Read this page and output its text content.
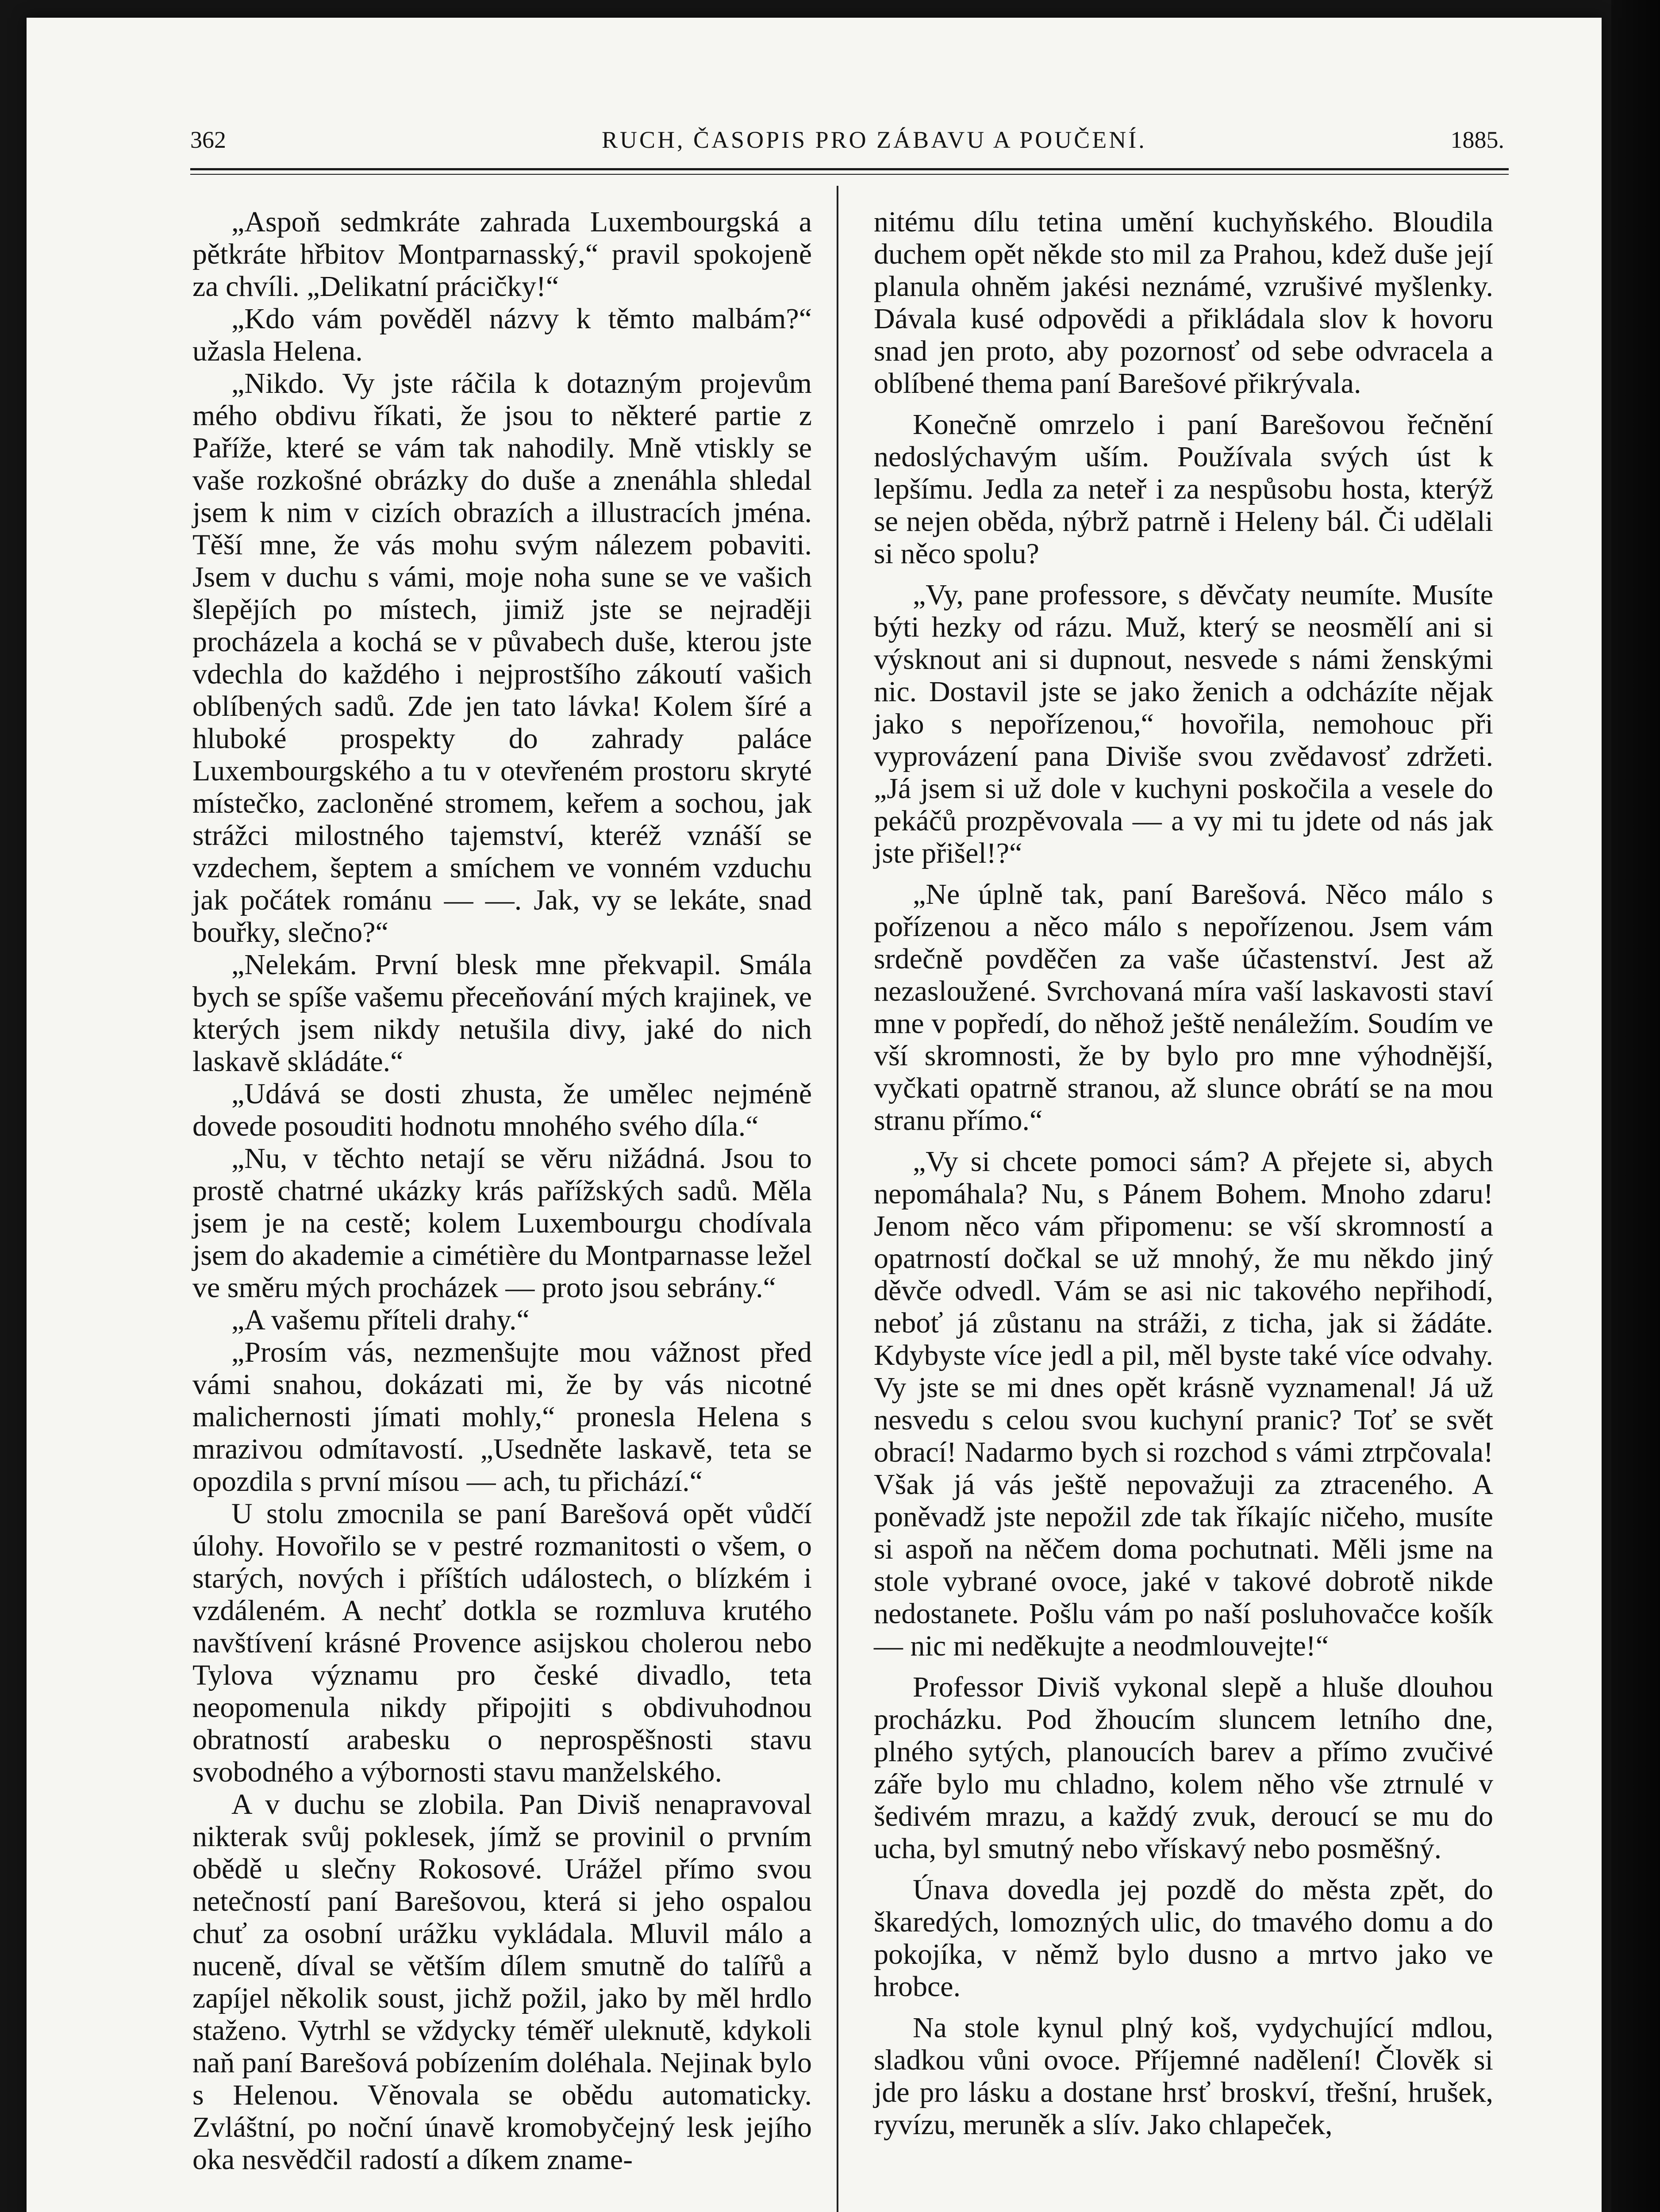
362	RUCH, ČASOPIS PRO ZÁBAVU A POUČENÍ.	1885.

„Aspoň sedmkráte zahrada Luxembourgská a pětkráte hřbitov Montparnasský,“ pravil spokojeně za chvíli. „Delikatní prácičky!“

„Kdo vám pověděl názvy k těmto malbám?“ užasla Helena.

„Nikdo. Vy jste ráčila k dotazným projevům mého obdivu říkati, že jsou to některé partie z Paříže, které se vám tak nahodily. Mně vtiskly se vaše rozkošné obrázky do duše a znenáhla shledal jsem k nim v cizích obrazích a illustracích jména. Těší mne, že vás mohu svým nálezem pobaviti. Jsem v duchu s vámi, moje noha sune se ve vašich šlepějích po místech, jimiž jste se nejraději procházela a kochá se v půvabech duše, kterou jste vdechla do každého i nejprostšího zákoutí vašich oblíbených sadů. Zde jen tato lávka! Kolem šíré a hluboké prospekty do zahrady paláce Luxembourgského a tu v otevřeném prostoru skryté místečko, zacloněné stromem, keřem a sochou, jak strážci milostného tajemství, kteréž vznáší se vzdechem, šeptem a smíchem ve vonném vzduchu jak počátek románu — —. Jak, vy se lekáte, snad bouřky, slečno?“

„Nelekám. První blesk mne překvapil. Smála bych se spíše vašemu přeceňování mých krajinek, ve kterých jsem nikdy netušila divy, jaké do nich laskavě skládáte.“

„Udává se dosti zhusta, že umělec nejméně dovede posouditi hodnotu mnohého svého díla.“

„Nu, v těchto netají se věru nižádná. Jsou to prostě chatrné ukázky krás pařížských sadů. Měla jsem je na cestě; kolem Luxembourgu chodívala jsem do akademie a cimétière du Montparnasse ležel ve směru mých procházek — proto jsou sebrány.“

„A vašemu příteli drahy.“

„Prosím vás, nezmenšujte mou vážnost před vámi snahou, dokázati mi, že by vás nicotné malichernosti jímati mohly,“ pronesla Helena s mrazivou odmítavostí. „Usedněte laskavě, teta se opozdila s první mísou — ach, tu přichází.“

U stolu zmocnila se paní Barešová opět vůdčí úlohy. Hovořilo se v pestré rozmanitosti o všem, o starých, nových i příštích událostech, o blízkém i vzdáleném. A nechť dotkla se rozmluva krutého navštívení krásné Provence asijskou cholerou nebo Tylova významu pro české divadlo, teta neopomenula nikdy připojiti s obdivuhodnou obratností arabesku o neprospěšnosti stavu svobodného a výbornosti stavu manželského.

A v duchu se zlobila. Pan Diviš nenapravoval nikterak svůj poklesek, jímž se provinil o prvním obědě u slečny Rokosové. Urážel přímo svou netečností paní Barešovou, která si jeho ospalou chuť za osobní urážku vykládala. Mluvil málo a nuceně, díval se větším dílem smutně do talířů a zapíjel několik soust, jichž požil, jako by měl hrdlo staženo. Vytrhl se vždycky téměř uleknutě, kdykoli naň paní Barešová pobízením doléhala. Nejinak bylo s Helenou. Věnovala se obědu automaticky. Zvláštní, po noční únavě kromobyčejný lesk jejího oka nesvědčil radostí a díkem zname-

nitému dílu tetina umění kuchyňského. Bloudila duchem opět někde sto mil za Prahou, kdež duše její planula ohněm jakési neznámé, vzrušivé myšlenky. Dávala kusé odpovědi a přikládala slov k hovoru snad jen proto, aby pozornosť od sebe odvracela a oblíbené thema paní Barešové přikrývala.

Konečně omrzelo i paní Barešovou řečnění nedoslýchavým uším. Používala svých úst k lepšímu. Jedla za neteř i za nespůsobu hosta, kterýž se nejen oběda, nýbrž patrně i Heleny bál. Či udělali si něco spolu?

„Vy, pane professore, s děvčaty neumíte. Musíte býti hezky od rázu. Muž, který se neosmělí ani si výsknout ani si dupnout, nesvede s námi ženskými nic. Dostavil jste se jako ženich a odcházíte nějak jako s nepořízenou,“ hovořila, nemohouc při vyprovázení pana Diviše svou zvědavosť zdržeti. „Já jsem si už dole v kuchyni poskočila a vesele do pekáčů prozpěvovala — a vy mi tu jdete od nás jak jste přišel!?“

„Ne úplně tak, paní Barešová. Něco málo s pořízenou a něco málo s nepořízenou. Jsem vám srdečně povděčen za vaše účastenství. Jest až nezasloužené. Svrchovaná míra vaší laskavosti staví mne v popředí, do něhož ještě nenáležím. Soudím ve vší skromnosti, že by bylo pro mne výhodnější, vyčkati opatrně stranou, až slunce obrátí se na mou stranu přímo.“

„Vy si chcete pomoci sám? A přejete si, abych nepomáhala? Nu, s Pánem Bohem. Mnoho zdaru! Jenom něco vám připomenu: se vší skromností a opatrností dočkal se už mnohý, že mu někdo jiný děvče odvedl. Vám se asi nic takového nepřihodí, neboť já zůstanu na stráži, z ticha, jak si žádáte. Kdybyste více jedl a pil, měl byste také více odvahy. Vy jste se mi dnes opět krásně vyznamenal! Já už nesvedu s celou svou kuchyní pranic? Toť se svět obrací! Nadarmo bych si rozchod s vámi ztrpčovala! Však já vás ještě nepovažuji za ztraceného. A poněvadž jste nepožil zde tak říkajíc ničeho, musíte si aspoň na něčem doma pochutnati. Měli jsme na stole vybrané ovoce, jaké v takové dobrotě nikde nedostanete. Pošlu vám po naší posluhovačce košík — nic mi neděkujte a neodmlouvejte!“

Professor Diviš vykonal slepě a hluše dlouhou procházku. Pod žhoucím sluncem letního dne, plného sytých, planoucích barev a přímo zvučivé záře bylo mu chladno, kolem něho vše ztrnulé v šedivém mrazu, a každý zvuk, deroucí se mu do ucha, byl smutný nebo vřískavý nebo posměšný.

Únava dovedla jej pozdě do města zpět, do škaredých, lomozných ulic, do tmavého domu a do pokojíka, v němž bylo dusno a mrtvo jako ve hrobce.

Na stole kynul plný koš, vydychující mdlou, sladkou vůni ovoce. Příjemné nadělení! Člověk si jde pro lásku a dostane hrsť broskví, třešní, hrušek, ryvízu, meruněk a slív. Jako chlapeček,
